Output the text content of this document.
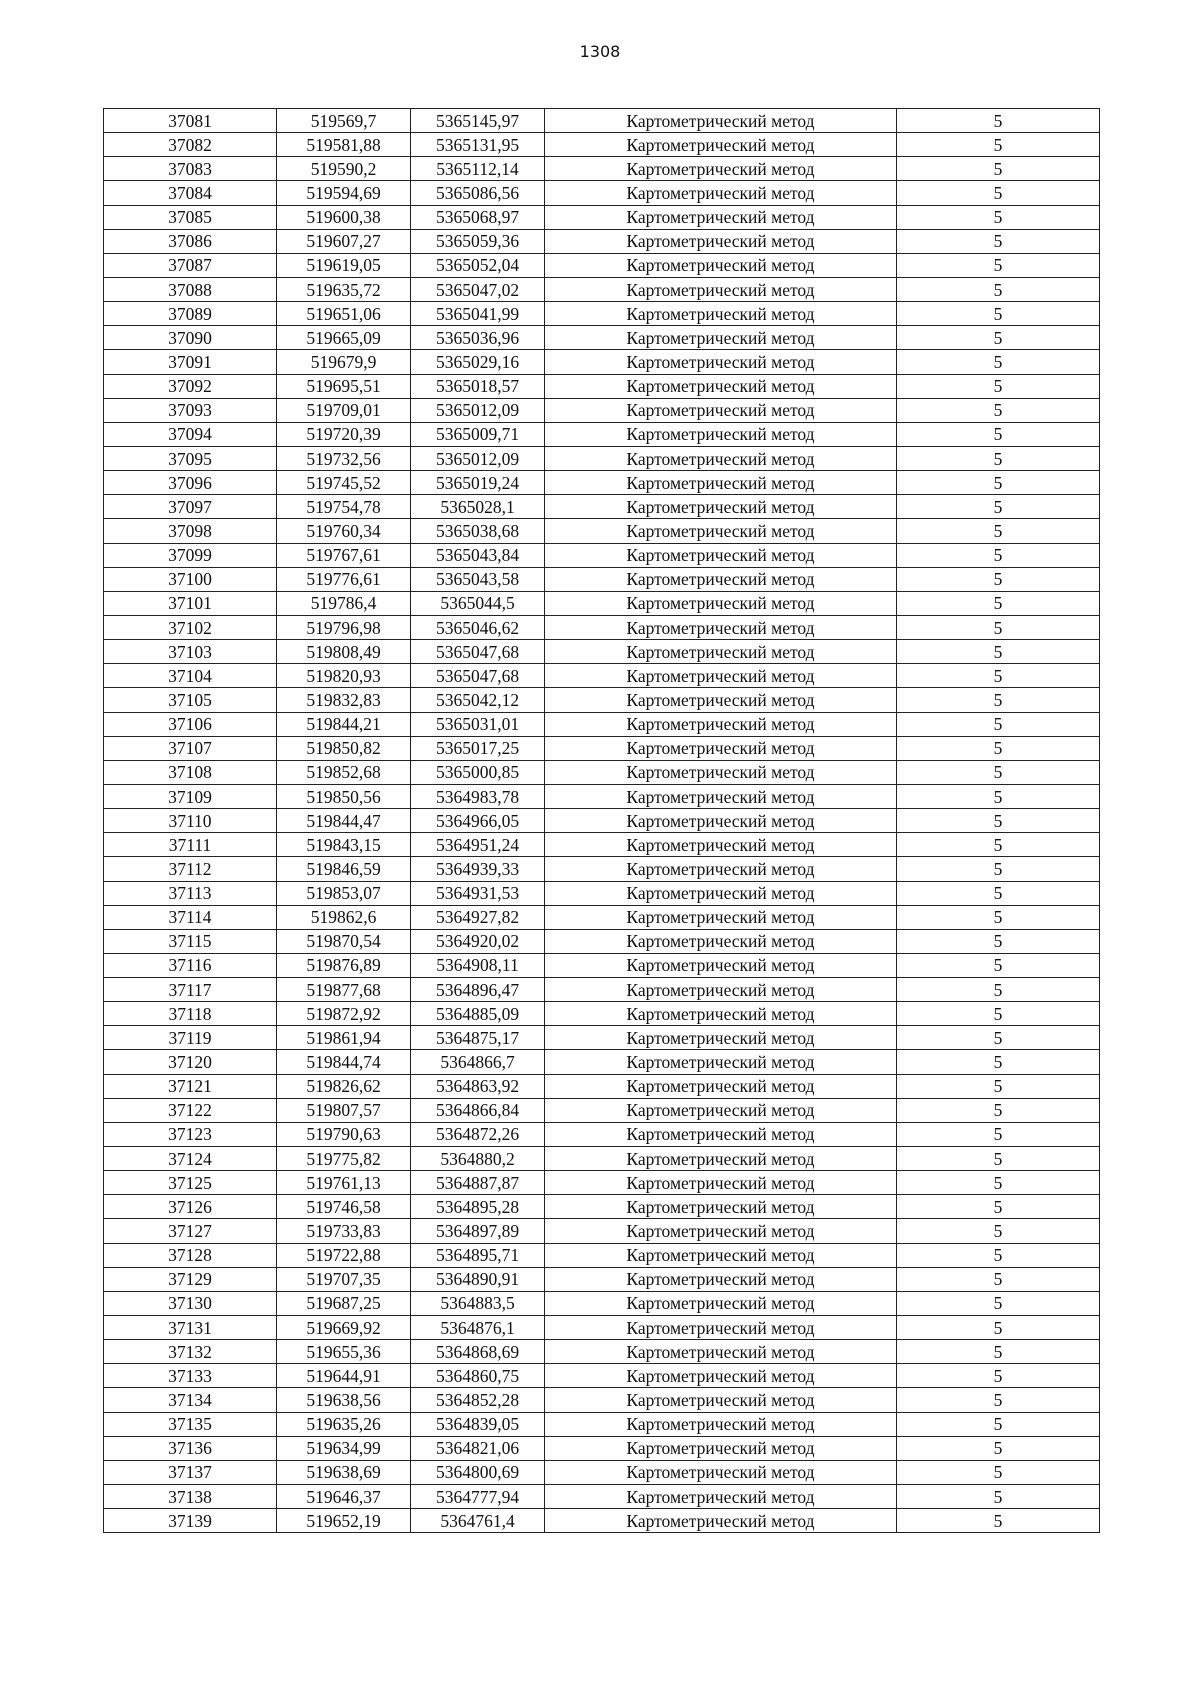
1308
37081	519569,7	5365145,97	Картометрический метод	5
37082	519581,88	5365131,95	Картометрический метод	5
37083	519590,2	5365112,14	Картометрический метод	5
37084	519594,69	5365086,56	Картометрический метод	5
37085	519600,38	5365068,97	Картометрический метод	5
37086	519607,27	5365059,36	Картометрический метод	5
37087	519619,05	5365052,04	Картометрический метод	5
37088	519635,72	5365047,02	Картометрический метод	5
37089	519651,06	5365041,99	Картометрический метод	5
37090	519665,09	5365036,96	Картометрический метод	5
37091	519679,9	5365029,16	Картометрический метод	5
37092	519695,51	5365018,57	Картометрический метод	5
37093	519709,01	5365012,09	Картометрический метод	5
37094	519720,39	5365009,71	Картометрический метод	5
37095	519732,56	5365012,09	Картометрический метод	5
37096	519745,52	5365019,24	Картометрический метод	5
37097	519754,78	5365028,1	Картометрический метод	5
37098	519760,34	5365038,68	Картометрический метод	5
37099	519767,61	5365043,84	Картометрический метод	5
37100	519776,61	5365043,58	Картометрический метод	5
37101	519786,4	5365044,5	Картометрический метод	5
37102	519796,98	5365046,62	Картометрический метод	5
37103	519808,49	5365047,68	Картометрический метод	5
37104	519820,93	5365047,68	Картометрический метод	5
37105	519832,83	5365042,12	Картометрический метод	5
37106	519844,21	5365031,01	Картометрический метод	5
37107	519850,82	5365017,25	Картометрический метод	5
37108	519852,68	5365000,85	Картометрический метод	5
37109	519850,56	5364983,78	Картометрический метод	5
37110	519844,47	5364966,05	Картометрический метод	5
37111	519843,15	5364951,24	Картометрический метод	5
37112	519846,59	5364939,33	Картометрический метод	5
37113	519853,07	5364931,53	Картометрический метод	5
37114	519862,6	5364927,82	Картометрический метод	5
37115	519870,54	5364920,02	Картометрический метод	5
37116	519876,89	5364908,11	Картометрический метод	5
37117	519877,68	5364896,47	Картометрический метод	5
37118	519872,92	5364885,09	Картометрический метод	5
37119	519861,94	5364875,17	Картометрический метод	5
37120	519844,74	5364866,7	Картометрический метод	5
37121	519826,62	5364863,92	Картометрический метод	5
37122	519807,57	5364866,84	Картометрический метод	5
37123	519790,63	5364872,26	Картометрический метод	5
37124	519775,82	5364880,2	Картометрический метод	5
37125	519761,13	5364887,87	Картометрический метод	5
37126	519746,58	5364895,28	Картометрический метод	5
37127	519733,83	5364897,89	Картометрический метод	5
37128	519722,88	5364895,71	Картометрический метод	5
37129	519707,35	5364890,91	Картометрический метод	5
37130	519687,25	5364883,5	Картометрический метод	5
37131	519669,92	5364876,1	Картометрический метод	5
37132	519655,36	5364868,69	Картометрический метод	5
37133	519644,91	5364860,75	Картометрический метод	5
37134	519638,56	5364852,28	Картометрический метод	5
37135	519635,26	5364839,05	Картометрический метод	5
37136	519634,99	5364821,06	Картометрический метод	5
37137	519638,69	5364800,69	Картометрический метод	5
37138	519646,37	5364777,94	Картометрический метод	5
37139	519652,19	5364761,4	Картометрический метод	5
